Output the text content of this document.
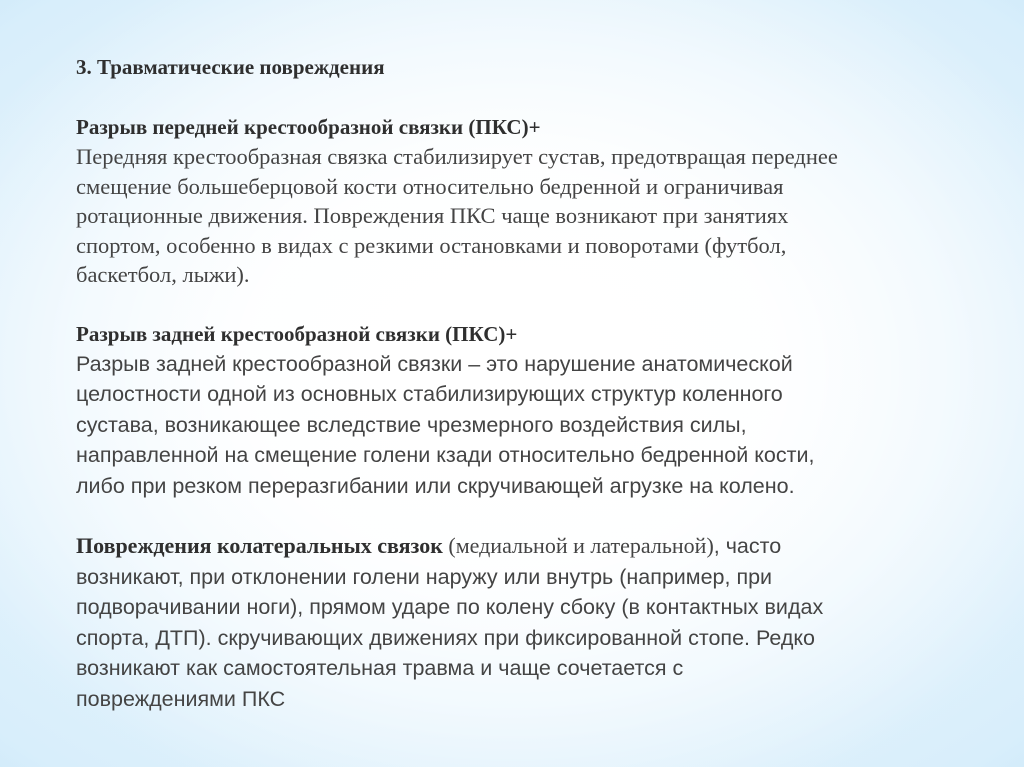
3. Травматические повреждения

Разрыв передней крестообразной связки (ПКС)+

Передняя крестообразная связка стабилизирует сустав, предотвращая переднее

смещение большеберцовой кости относительно бедренной и ограничивая

ротационные движения. Повреждения ПКС чаще возникают при занятиях

спортом, особенно в видах с резкими остановками и поворотами (футбол,

баскетбол, лыжи).

Разрыв задней крестообразной связки (ПКС)+

Разрыв задней крестообразной связки – это нарушение анатомической

целостности одной из основных стабилизирующих структур коленного

сустава, возникающее вследствие чрезмерного воздействия силы,

направленной на смещение голени кзади относительно бедренной кости,

либо при резком переразгибании или скручивающей агрузке на колено.

Повреждения колатеральных связок (медиальной и латеральной), часто

возникают, при отклонении голени наружу или внутрь (например, при

подворачивании ноги), прямом ударе по колену сбоку (в контактных видах

спорта, ДТП). скручивающих движениях при фиксированной стопе. Редко

возникают как самостоятельная травма и чаще сочетается с

повреждениями ПКС
